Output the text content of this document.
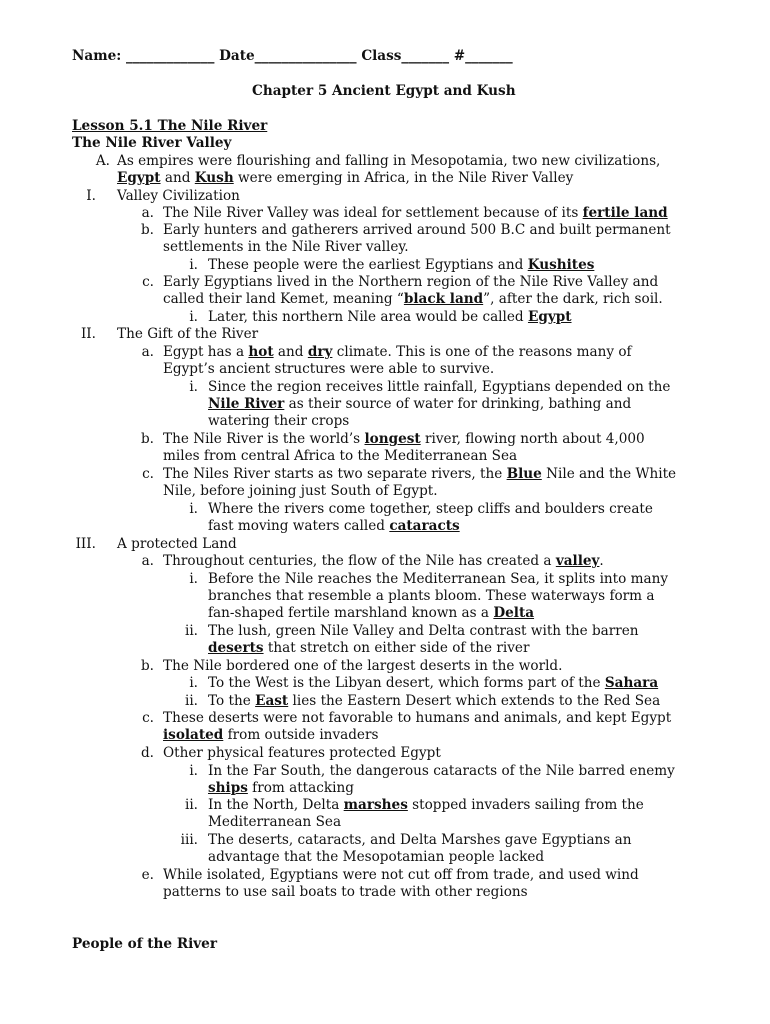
Name: _____________ Date_______________ Class_______ #_______
Chapter 5 Ancient Egypt and Kush
Lesson 5.1 The Nile River
The Nile River Valley
A. As empires were flourishing and falling in Mesopotamia, two new civilizations,
Egypt and Kush were emerging in Africa, in the Nile River Valley
I. Valley Civilization
a. The Nile River Valley was ideal for settlement because of its fertile land
b. Early hunters and gatherers arrived around 500 B.C and built permanent
settlements in the Nile River valley.
i. These people were the earliest Egyptians and Kushites
c. Early Egyptians lived in the Northern region of the Nile Rive Valley and
called their land Kemet, meaning “black land”, after the dark, rich soil.
i. Later, this northern Nile area would be called Egypt
II. The Gift of the River
a. Egypt has a hot and dry climate. This is one of the reasons many of
Egypt’s ancient structures were able to survive.
i. Since the region receives little rainfall, Egyptians depended on the
Nile River as their source of water for drinking, bathing and
watering their crops
b. The Nile River is the world’s longest river, flowing north about 4,000
miles from central Africa to the Mediterranean Sea
c. The Niles River starts as two separate rivers, the Blue Nile and the White
Nile, before joining just South of Egypt.
i. Where the rivers come together, steep cliffs and boulders create
fast moving waters called cataracts
III. A protected Land
a. Throughout centuries, the flow of the Nile has created a valley.
i. Before the Nile reaches the Mediterranean Sea, it splits into many
branches that resemble a plants bloom. These waterways form a
fan-shaped fertile marshland known as a Delta
ii. The lush, green Nile Valley and Delta contrast with the barren
deserts that stretch on either side of the river
b. The Nile bordered one of the largest deserts in the world.
i. To the West is the Libyan desert, which forms part of the Sahara
ii. To the East lies the Eastern Desert which extends to the Red Sea
c. These deserts were not favorable to humans and animals, and kept Egypt
isolated from outside invaders
d. Other physical features protected Egypt
i. In the Far South, the dangerous cataracts of the Nile barred enemy
ships from attacking
ii. In the North, Delta marshes stopped invaders sailing from the
Mediterranean Sea
iii. The deserts, cataracts, and Delta Marshes gave Egyptians an
advantage that the Mesopotamian people lacked
e. While isolated, Egyptians were not cut off from trade, and used wind
patterns to use sail boats to trade with other regions
People of the River
